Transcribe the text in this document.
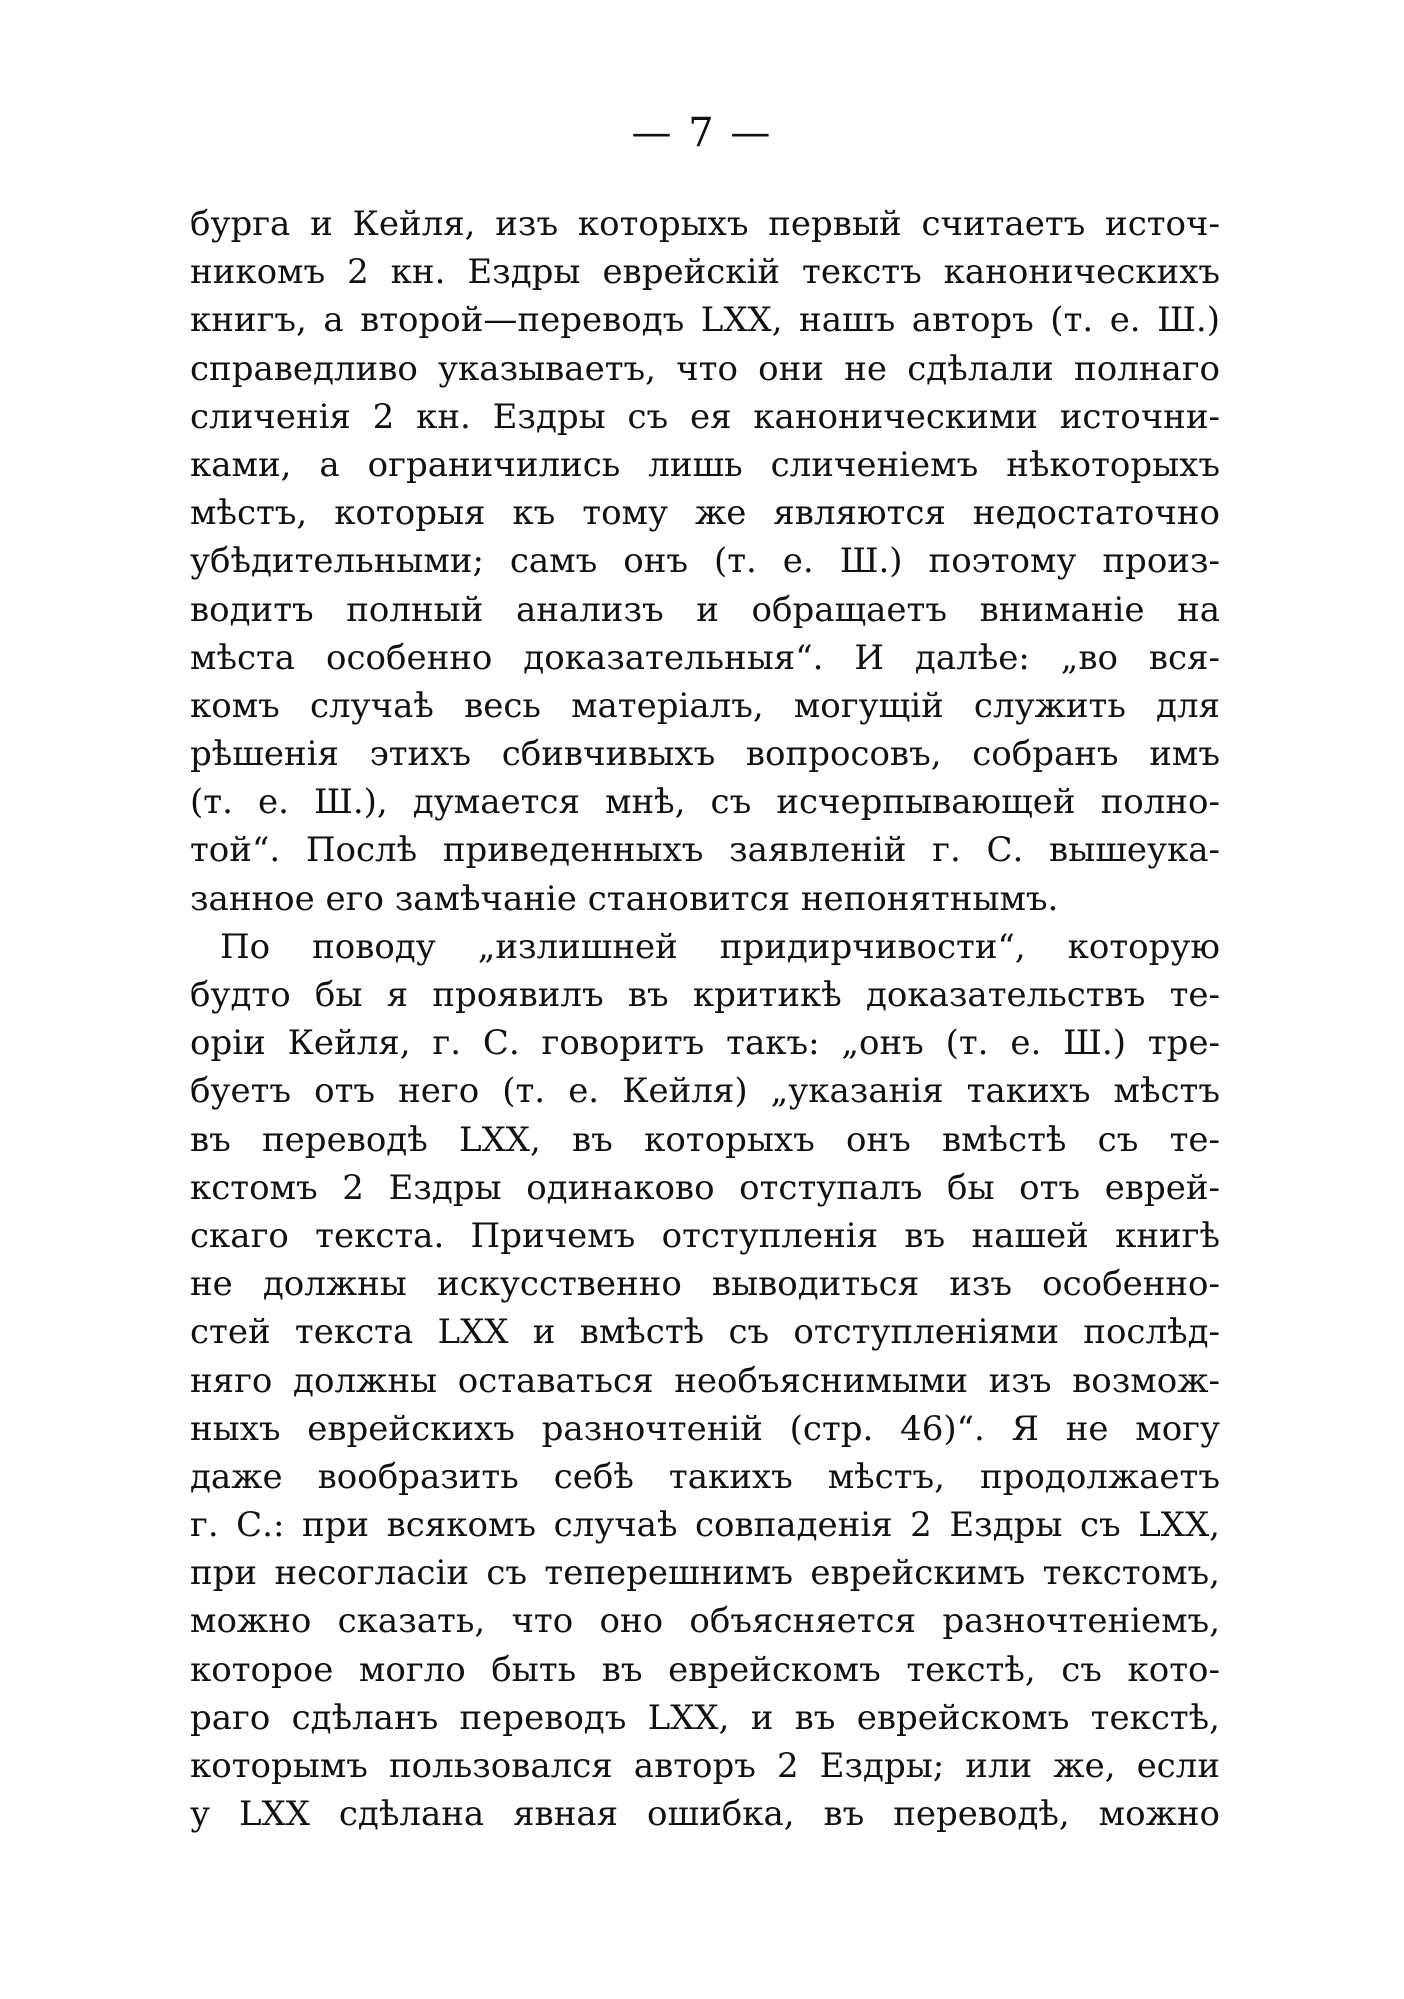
— 7 —
бурга и Кейля, изъ которыхъ первый считаетъ источ-
никомъ 2 кн. Ездры еврейскій текстъ каноническихъ
книгъ, а второй—переводъ LXX, нашъ авторъ (т. е. Ш.)
справедливо указываетъ, что они не сдѣлали полнаго
сличенія 2 кн. Ездры съ ея каноническими источни-
ками, а ограничились лишь сличеніемъ нѣкоторыхъ
мѣстъ, которыя къ тому же являются недостаточно
убѣдительными; самъ онъ (т. е. Ш.) поэтому произ-
водитъ полный анализъ и обращаетъ вниманіе на
мѣста особенно доказательныя“. И далѣе: „во вся-
комъ случаѣ весь матеріалъ, могущій служить для
рѣшенія этихъ сбивчивыхъ вопросовъ, собранъ имъ
(т. е. Ш.), думается мнѣ, съ исчерпывающей полно-
той“. Послѣ приведенныхъ заявленій г. С. вышеука-
занное его замѣчаніе становится непонятнымъ.
По поводу „излишней придирчивости“, которую
будто бы я проявилъ въ критикѣ доказательствъ те-
оріи Кейля, г. С. говоритъ такъ: „онъ (т. е. Ш.) тре-
буетъ отъ него (т. е. Кейля) „указанія такихъ мѣстъ
въ переводѣ LXX, въ которыхъ онъ вмѣстѣ съ те-
кстомъ 2 Ездры одинаково отступалъ бы отъ еврей-
скаго текста. Причемъ отступленія въ нашей книгѣ
не должны искусственно выводиться изъ особенно-
стей текста LXX и вмѣстѣ съ отступленіями послѣд-
няго должны оставаться необъяснимыми изъ возмож-
ныхъ еврейскихъ разночтеній (стр. 46)“. Я не могу
даже вообразить себѣ такихъ мѣстъ, продолжаетъ
г. С.: при всякомъ случаѣ совпаденія 2 Ездры съ LXX,
при несогласіи съ теперешнимъ еврейскимъ текстомъ,
можно сказать, что оно объясняется разночтеніемъ,
которое могло быть въ еврейскомъ текстѣ, съ кото-
раго сдѣланъ переводъ LXX, и въ еврейскомъ текстѣ,
которымъ пользовался авторъ 2 Ездры; или же, если
у LXX сдѣлана явная ошибка, въ переводѣ, можно
